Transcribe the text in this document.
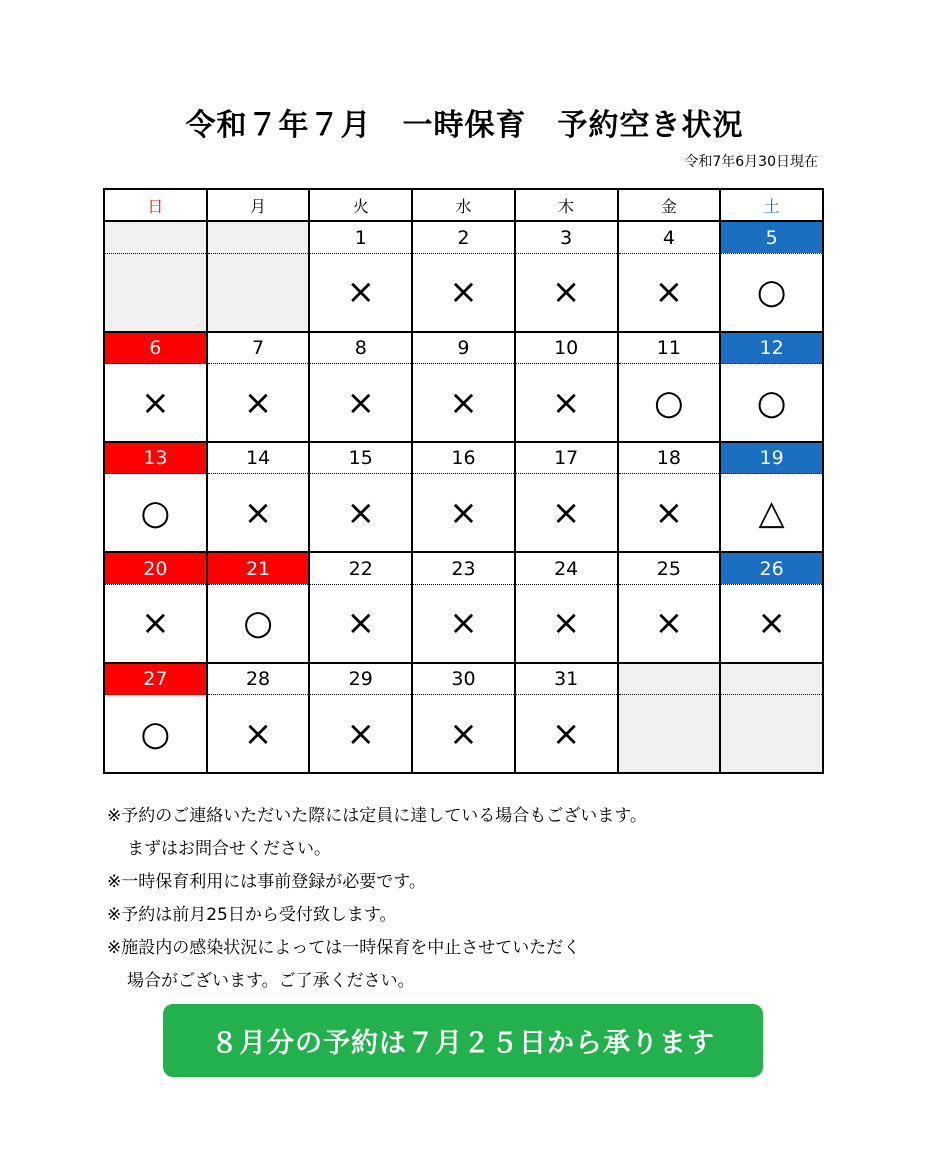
令和７年７月　一時保育　予約空き状況
令和7年6月30日現在
日	月	火	水	木	金	土
		1	2	3	4	5
		×	×	×	×	○
6	7	8	9	10	11	12
×	×	×	×	×	○	○
13	14	15	16	17	18	19
○	×	×	×	×	×	△
20	21	22	23	24	25	26
×	○	×	×	×	×	×
27	28	29	30	31		
○	×	×	×	×		
※予約のご連絡いただいた際には定員に達している場合もございます。
まずはお問合せください。
※一時保育利用には事前登録が必要です。
※予約は前月25日から受付致します。
※施設内の感染状況によっては一時保育を中止させていただく
場合がございます。ご了承ください。
８月分の予約は７月２５日から承ります
